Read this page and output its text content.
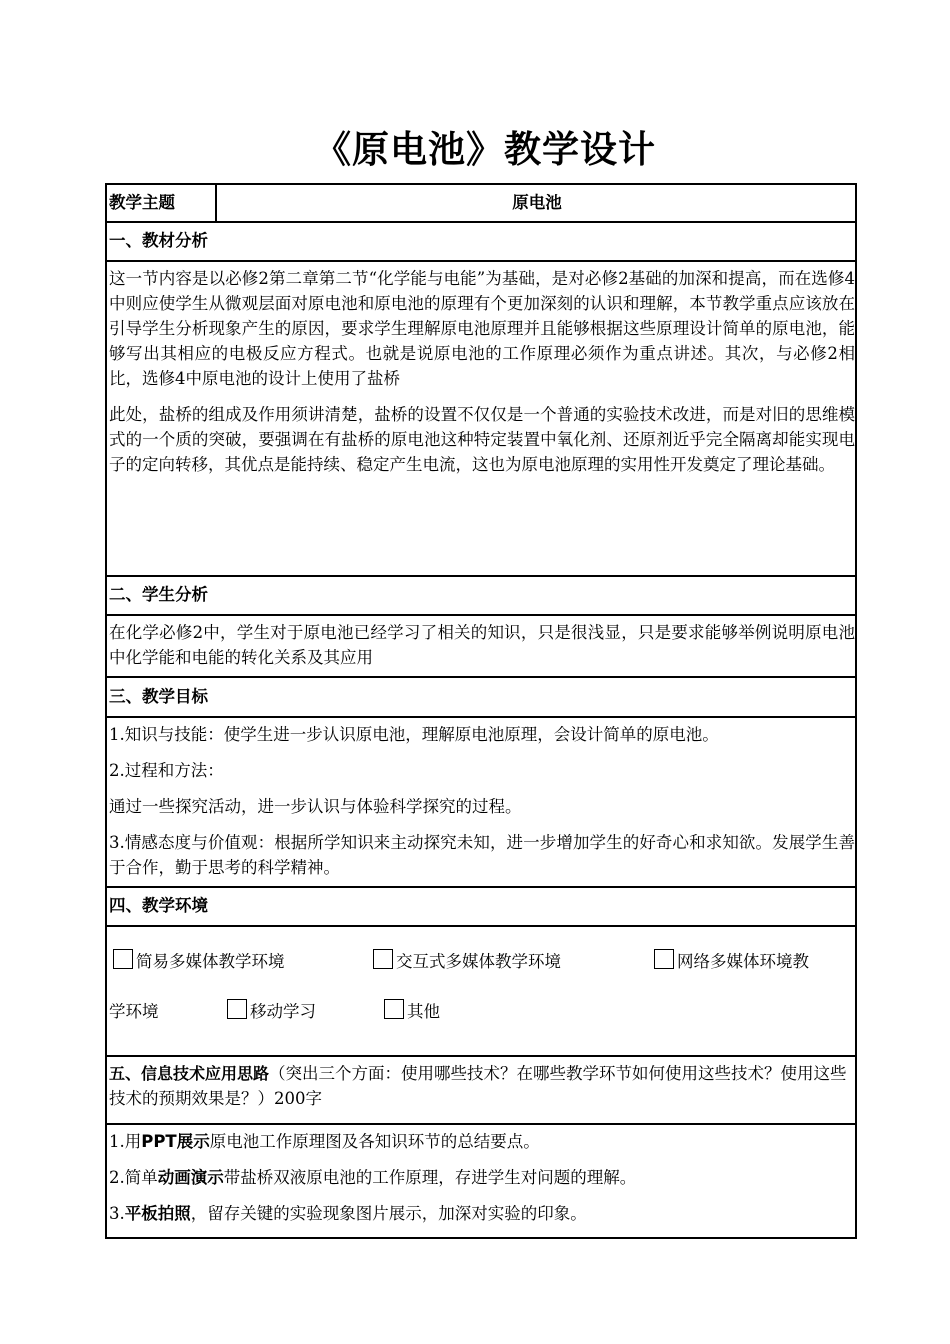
《原电池》教学设计
教学主题	原电池
一、教材分析

这一节内容是以必修2第二章第二节“化学能与电能”为基础，是对必修2基础的加深和提高，而在选修4中则应使学生从微观层面对原电池和原电池的原理有个更加深刻的认识和理解，本节教学重点应该放在引导学生分析现象产生的原因，要求学生理解原电池原理并且能够根据这些原理设计简单的原电池，能够写出其相应的电极反应方程式。也就是说原电池的工作原理必须作为重点讲述。其次，与必修2相比，选修4中原电池的设计上使用了盐桥
此处，盐桥的组成及作用须讲清楚，盐桥的设置不仅仅是一个普通的实验技术改进，而是对旧的思维模式的一个质的突破，要强调在有盐桥的原电池这种特定装置中氧化剂、还原剂近乎完全隔离却能实现电子的定向转移，其优点是能持续、稳定产生电流，这也为原电池原理的实用性开发奠定了理论基础。

二、学生分析

在化学必修2中，学生对于原电池已经学习了相关的知识，只是很浅显，只是要求能够举例说明原电池中化学能和电能的转化关系及其应用

三、教学目标

1.知识与技能：使学生进一步认识原电池，理解原电池原理，会设计简单的原电池。
2.过程和方法：
通过一些探究活动，进一步认识与体验科学探究的过程。
3.情感态度与价值观：根据所学知识来主动探究未知，进一步增加学生的好奇心和求知欲。发展学生善于合作，勤于思考的科学精神。

四、教学环境

简易多媒体教学环境	交互式多媒体教学环境	网络多媒体环境教
学环境	移动学习	其他

五、信息技术应用思路（突出三个方面：使用哪些技术？在哪些教学环节如何使用这些技术？使用这些技术的预期效果是？）200字

1.用PPT展示原电池工作原理图及各知识环节的总结要点。
2.简单动画演示带盐桥双液原电池的工作原理，存进学生对问题的理解。
3.平板拍照，留存关键的实验现象图片展示，加深对实验的印象。
